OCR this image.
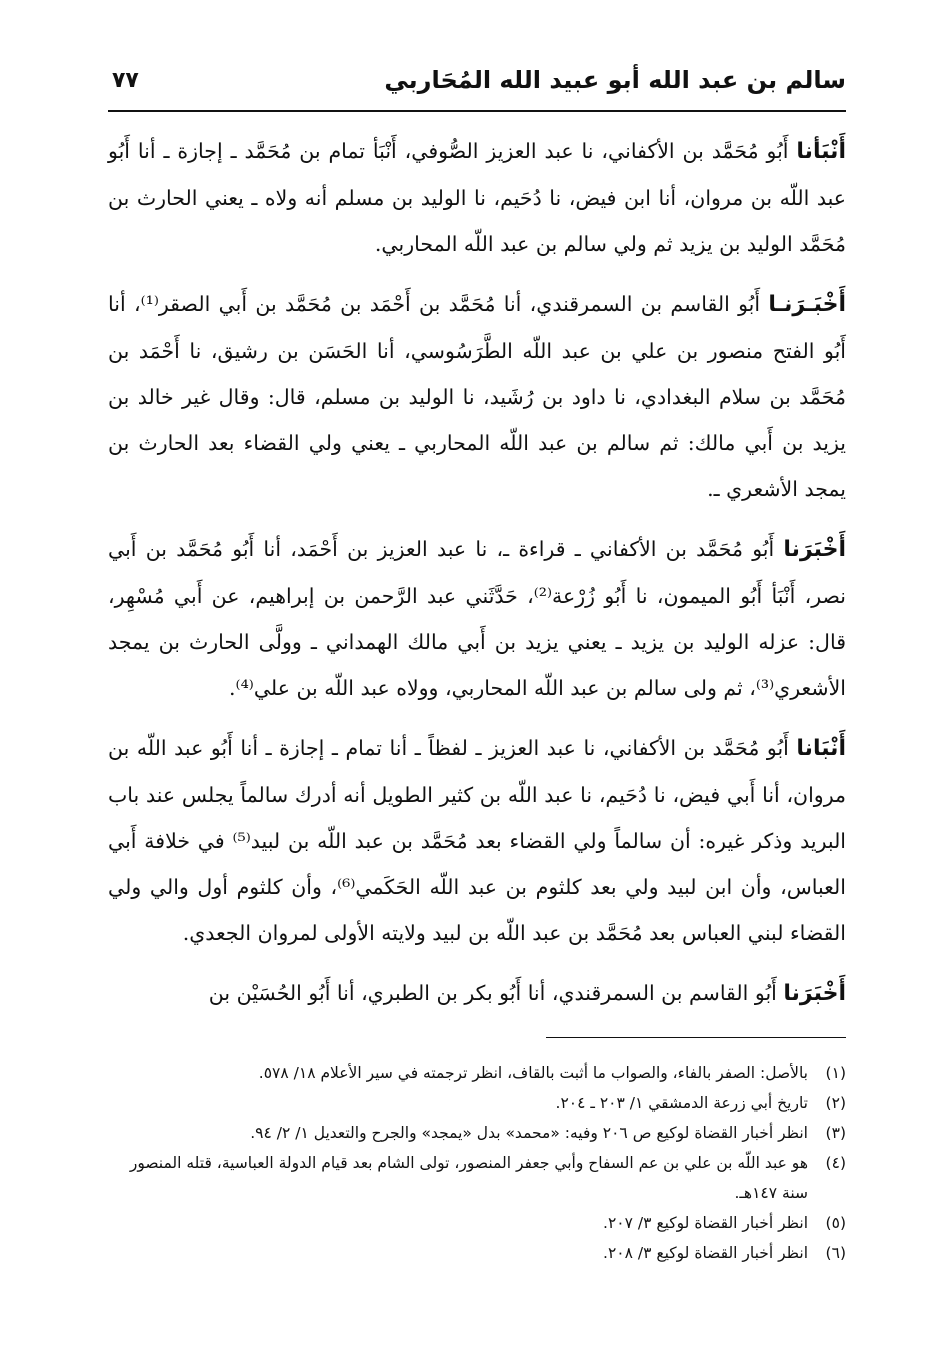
سالم بن عبد الله أبو عبيد الله المُحَاربي
٧٧

أَنْبَأنا أَبُو مُحَمَّد بن الأكفاني، نا عبد العزيز الصُّوفي، أَنْبَأ تمام بن مُحَمَّد ـ إجازة ـ أنا أَبُو عبد اللّه بن مروان، أنا ابن فيض، نا دُحَيم، نا الوليد بن مسلم أنه ولاه ـ يعني الحارث بن مُحَمَّد الوليد بن يزيد ثم ولي سالم بن عبد اللّه المحاربي.

أَخْبَـرَنـا أَبُو القاسم بن السمرقندي، أنا مُحَمَّد بن أَحْمَد بن مُحَمَّد بن أَبي الصقر⁽¹⁾، أنا أَبُو الفتح منصور بن علي بن عبد اللّه الطَّرَسُوسي، أنا الحَسَن بن رشيق، نا أَحْمَد بن مُحَمَّد بن سلام البغدادي، نا داود بن رُشَيد، نا الوليد بن مسلم، قال: وقال غير خالد بن يزيد بن أَبي مالك: ثم سالم بن عبد اللّه المحاربي ـ يعني ولي القضاء بعد الحارث بن يمجد الأشعري ـ.

أَخْبَرَنا أَبُو مُحَمَّد بن الأكفاني ـ قراءة ـ، نا عبد العزيز بن أَحْمَد، أنا أَبُو مُحَمَّد بن أَبي نصر، أَنْبَأ أَبُو الميمون، نا أَبُو زُرْعة⁽²⁾، حَدَّثَني عبد الرَّحمن بن إبراهيم، عن أَبي مُسْهِر، قال: عزله الوليد بن يزيد ـ يعني يزيد بن أَبي مالك الهمداني ـ وولَّى الحارث بن يمجد الأشعري⁽³⁾، ثم ولى سالم بن عبد اللّه المحاربي، وولاه عبد اللّه بن علي⁽⁴⁾.

أَنْبَانا أَبُو مُحَمَّد بن الأكفاني، نا عبد العزيز ـ لفظاً ـ أنا تمام ـ إجازة ـ أنا أَبُو عبد اللّه بن مروان، أنا أَبي فيض، نا دُحَيم، نا عبد اللّه بن كثير الطويل أنه أدرك سالماً يجلس عند باب البريد وذكر غيره: أن سالماً ولي القضاء بعد مُحَمَّد بن عبد اللّه بن لبيد⁽⁵⁾ في خلافة أَبي العباس، وأن ابن لبيد ولي بعد كلثوم بن عبد اللّه الحَكَمي⁽⁶⁾، وأن كلثوم أول والي ولي القضاء لبني العباس بعد مُحَمَّد بن عبد اللّه بن لبيد ولايته الأولى لمروان الجعدي.

أَخْبَرَنا أَبُو القاسم بن السمرقندي، أنا أَبُو بكر بن الطبري، أنا أَبُو الحُسَيْن بن

(١)
بالأصل: الصفر بالفاء، والصواب ما أثبت بالقاف، انظر ترجمته في سير الأعلام ١٨/ ٥٧٨.
(٢)
تاريخ أبي زرعة الدمشقي ١/ ٢٠٣ ـ ٢٠٤.
(٣)
انظر أخبار القضاة لوكيع ص ٢٠٦ وفيه: «محمد» بدل «يمجد» والجرح والتعديل ١/ ٢/ ٩٤.
(٤)
هو عبد اللّه بن علي بن عم السفاح وأبي جعفر المنصور، تولى الشام بعد قيام الدولة العباسية، قتله المنصور سنة ١٤٧هـ.
(٥)
انظر أخبار القضاة لوكيع ٣/ ٢٠٧.
(٦)
انظر أخبار القضاة لوكيع ٣/ ٢٠٨.
